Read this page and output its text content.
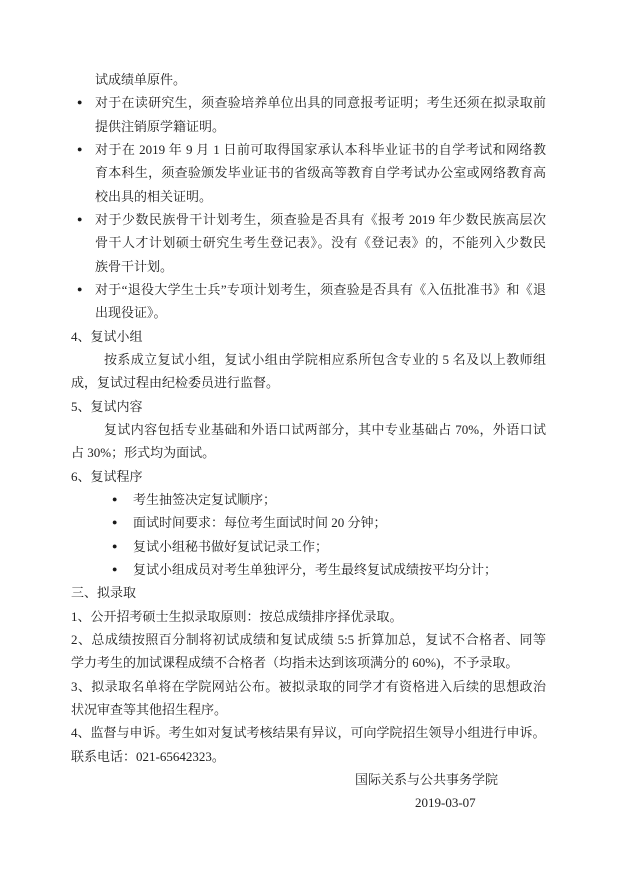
试成绩单原件。
● 对于在读研究生，须查验培养单位出具的同意报考证明；考生还须在拟录取前
提供注销原学籍证明。
● 对于在 2019 年 9 月 1 日前可取得国家承认本科毕业证书的自学考试和网络教
育本科生，须查验颁发毕业证书的省级高等教育自学考试办公室或网络教育高
校出具的相关证明。
● 对于少数民族骨干计划考生，须查验是否具有《报考 2019 年少数民族高层次
骨干人才计划硕士研究生考生登记表》。没有《登记表》的，不能列入少数民
族骨干计划。
● 对于“退役大学生士兵”专项计划考生，须查验是否具有《入伍批准书》和《退
出现役证》。
4、复试小组
按系成立复试小组，复试小组由学院相应系所包含专业的 5 名及以上教师组
成，复试过程由纪检委员进行监督。
5、复试内容
复试内容包括专业基础和外语口试两部分，其中专业基础占 70%，外语口试
占 30%；形式均为面试。
6、复试程序
● 考生抽签决定复试顺序；
● 面试时间要求：每位考生面试时间 20 分钟；
● 复试小组秘书做好复试记录工作；
● 复试小组成员对考生单独评分，考生最终复试成绩按平均分计；
三、拟录取
1、公开招考硕士生拟录取原则：按总成绩排序择优录取。
2、总成绩按照百分制将初试成绩和复试成绩 5:5 折算加总，复试不合格者、同等
学力考生的加试课程成绩不合格者（均指未达到该项满分的 60%)，不予录取。
3、拟录取名单将在学院网站公布。被拟录取的同学才有资格进入后续的思想政治
状况审查等其他招生程序。
4、监督与申诉。考生如对复试考核结果有异议，可向学院招生领导小组进行申诉。
联系电话：021-65642323。
国际关系与公共事务学院
2019-03-07
